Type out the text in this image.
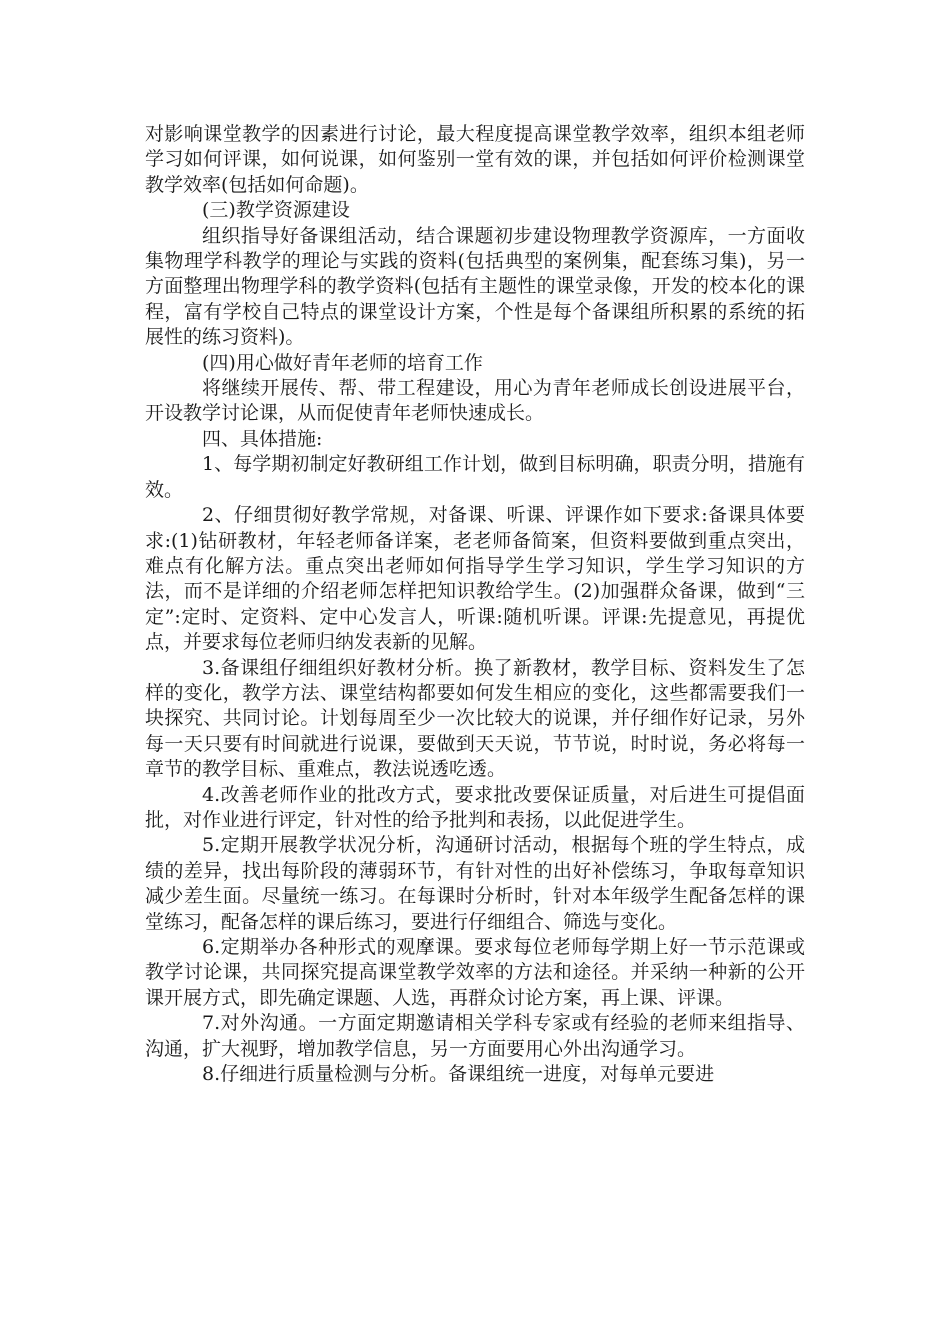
对影响课堂教学的因素进行讨论，最大程度提高课堂教学效率，组织本组老师学习如何评课，如何说课，如何鉴别一堂有效的课，并包括如何评价检测课堂教学效率(包括如何命题)。

(三)教学资源建设

组织指导好备课组活动，结合课题初步建设物理教学资源库，一方面收集物理学科教学的理论与实践的资料(包括典型的案例集，配套练习集)，另一方面整理出物理学科的教学资料(包括有主题性的课堂录像，开发的校本化的课程，富有学校自己特点的课堂设计方案，个性是每个备课组所积累的系统的拓展性的练习资料)。

(四)用心做好青年老师的培育工作

将继续开展传、帮、带工程建设，用心为青年老师成长创设进展平台，开设教学讨论课，从而促使青年老师快速成长。

四、具体措施:

1、每学期初制定好教研组工作计划，做到目标明确，职责分明，措施有效。

2、仔细贯彻好教学常规，对备课、听课、评课作如下要求:备课具体要求:(1)钻研教材，年轻老师备详案，老老师备简案，但资料要做到重点突出，难点有化解方法。重点突出老师如何指导学生学习知识，学生学习知识的方法，而不是详细的介绍老师怎样把知识教给学生。(2)加强群众备课，做到“三定”:定时、定资料、定中心发言人，听课:随机听课。评课:先提意见，再提优点，并要求每位老师归纳发表新的见解。

3.备课组仔细组织好教材分析。换了新教材，教学目标、资料发生了怎样的变化，教学方法、课堂结构都要如何发生相应的变化，这些都需要我们一块探究、共同讨论。计划每周至少一次比较大的说课，并仔细作好记录，另外每一天只要有时间就进行说课，要做到天天说，节节说，时时说，务必将每一章节的教学目标、重难点，教法说透吃透。

4.改善老师作业的批改方式，要求批改要保证质量，对后进生可提倡面批，对作业进行评定，针对性的给予批判和表扬，以此促进学生。

5.定期开展教学状况分析，沟通研讨活动，根据每个班的学生特点，成绩的差异，找出每阶段的薄弱环节，有针对性的出好补偿练习，争取每章知识减少差生面。尽量统一练习。在每课时分析时，针对本年级学生配备怎样的课堂练习，配备怎样的课后练习，要进行仔细组合、筛选与变化。

6.定期举办各种形式的观摩课。要求每位老师每学期上好一节示范课或教学讨论课，共同探究提高课堂教学效率的方法和途径。并采纳一种新的公开课开展方式，即先确定课题、人选，再群众讨论方案，再上课、评课。

7.对外沟通。一方面定期邀请相关学科专家或有经验的老师来组指导、沟通，扩大视野，增加教学信息，另一方面要用心外出沟通学习。

8.仔细进行质量检测与分析。备课组统一进度，对每单元要进
